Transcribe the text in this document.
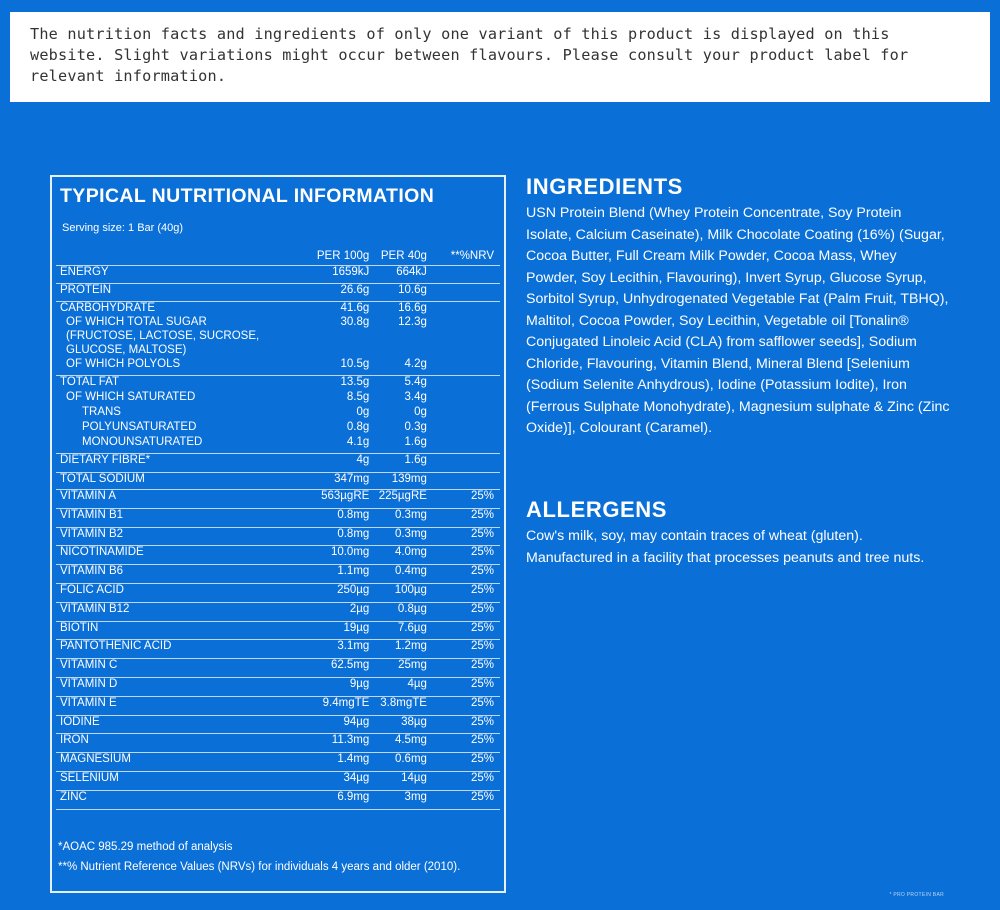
The nutrition facts and ingredients of only one variant of this product is displayed on this website. Slight variations might occur between flavours. Please consult your product label for relevant information.
TYPICAL NUTRITIONAL INFORMATION
Serving size: 1 Bar (40g)
	PER 100g	PER 40g	**%NRV
ENERGY	1659kJ	664kJ	
PROTEIN	26.6g	10.6g	
CARBOHYDRATE	41.6g	16.6g	
OF WHICH TOTAL SUGAR	30.8g	12.3g	
(FRUCTOSE, LACTOSE, SUCROSE,			
GLUCOSE, MALTOSE)			
OF WHICH POLYOLS	10.5g	4.2g	
TOTAL FAT	13.5g	5.4g	
OF WHICH SATURATED	8.5g	3.4g	
TRANS	0g	0g	
POLYUNSATURATED	0.8g	0.3g	
MONOUNSATURATED	4.1g	1.6g	
DIETARY FIBRE*	4g	1.6g	
TOTAL SODIUM	347mg	139mg	
VITAMIN A	563µgRE	225µgRE	25%
VITAMIN B1	0.8mg	0.3mg	25%
VITAMIN B2	0.8mg	0.3mg	25%
NICOTINAMIDE	10.0mg	4.0mg	25%
VITAMIN B6	1.1mg	0.4mg	25%
FOLIC ACID	250µg	100µg	25%
VITAMIN B12	2µg	0.8µg	25%
BIOTIN	19µg	7.6µg	25%
PANTOTHENIC ACID	3.1mg	1.2mg	25%
VITAMIN C	62.5mg	25mg	25%
VITAMIN D	9µg	4µg	25%
VITAMIN E	9.4mgTE	3.8mgTE	25%
IODINE	94µg	38µg	25%
IRON	11.3mg	4.5mg	25%
MAGNESIUM	1.4mg	0.6mg	25%
SELENIUM	34µg	14µg	25%
ZINC	6.9mg	3mg	25%
*AOAC 985.29 method of analysis
**% Nutrient Reference Values (NRVs) for individuals 4 years and older (2010).
INGREDIENTS
USN Protein Blend (Whey Protein Concentrate, Soy Protein Isolate, Calcium Caseinate), Milk Chocolate Coating (16%) (Sugar, Cocoa Butter, Full Cream Milk Powder, Cocoa Mass, Whey Powder, Soy Lecithin, Flavouring), Invert Syrup, Glucose Syrup, Sorbitol Syrup, Unhydrogenated Vegetable Fat (Palm Fruit, TBHQ), Maltitol, Cocoa Powder, Soy Lecithin, Vegetable oil [Tonalin® Conjugated Linoleic Acid (CLA) from safflower seeds], Sodium Chloride, Flavouring, Vitamin Blend, Mineral Blend [Selenium (Sodium Selenite Anhydrous), Iodine (Potassium Iodite), Iron (Ferrous Sulphate Monohydrate), Magnesium sulphate & Zinc (Zinc Oxide)], Colourant (Caramel).
ALLERGENS
Cow's milk, soy, may contain traces of wheat (gluten). Manufactured in a facility that processes peanuts and tree nuts.
* PRO PROTEIN BAR
